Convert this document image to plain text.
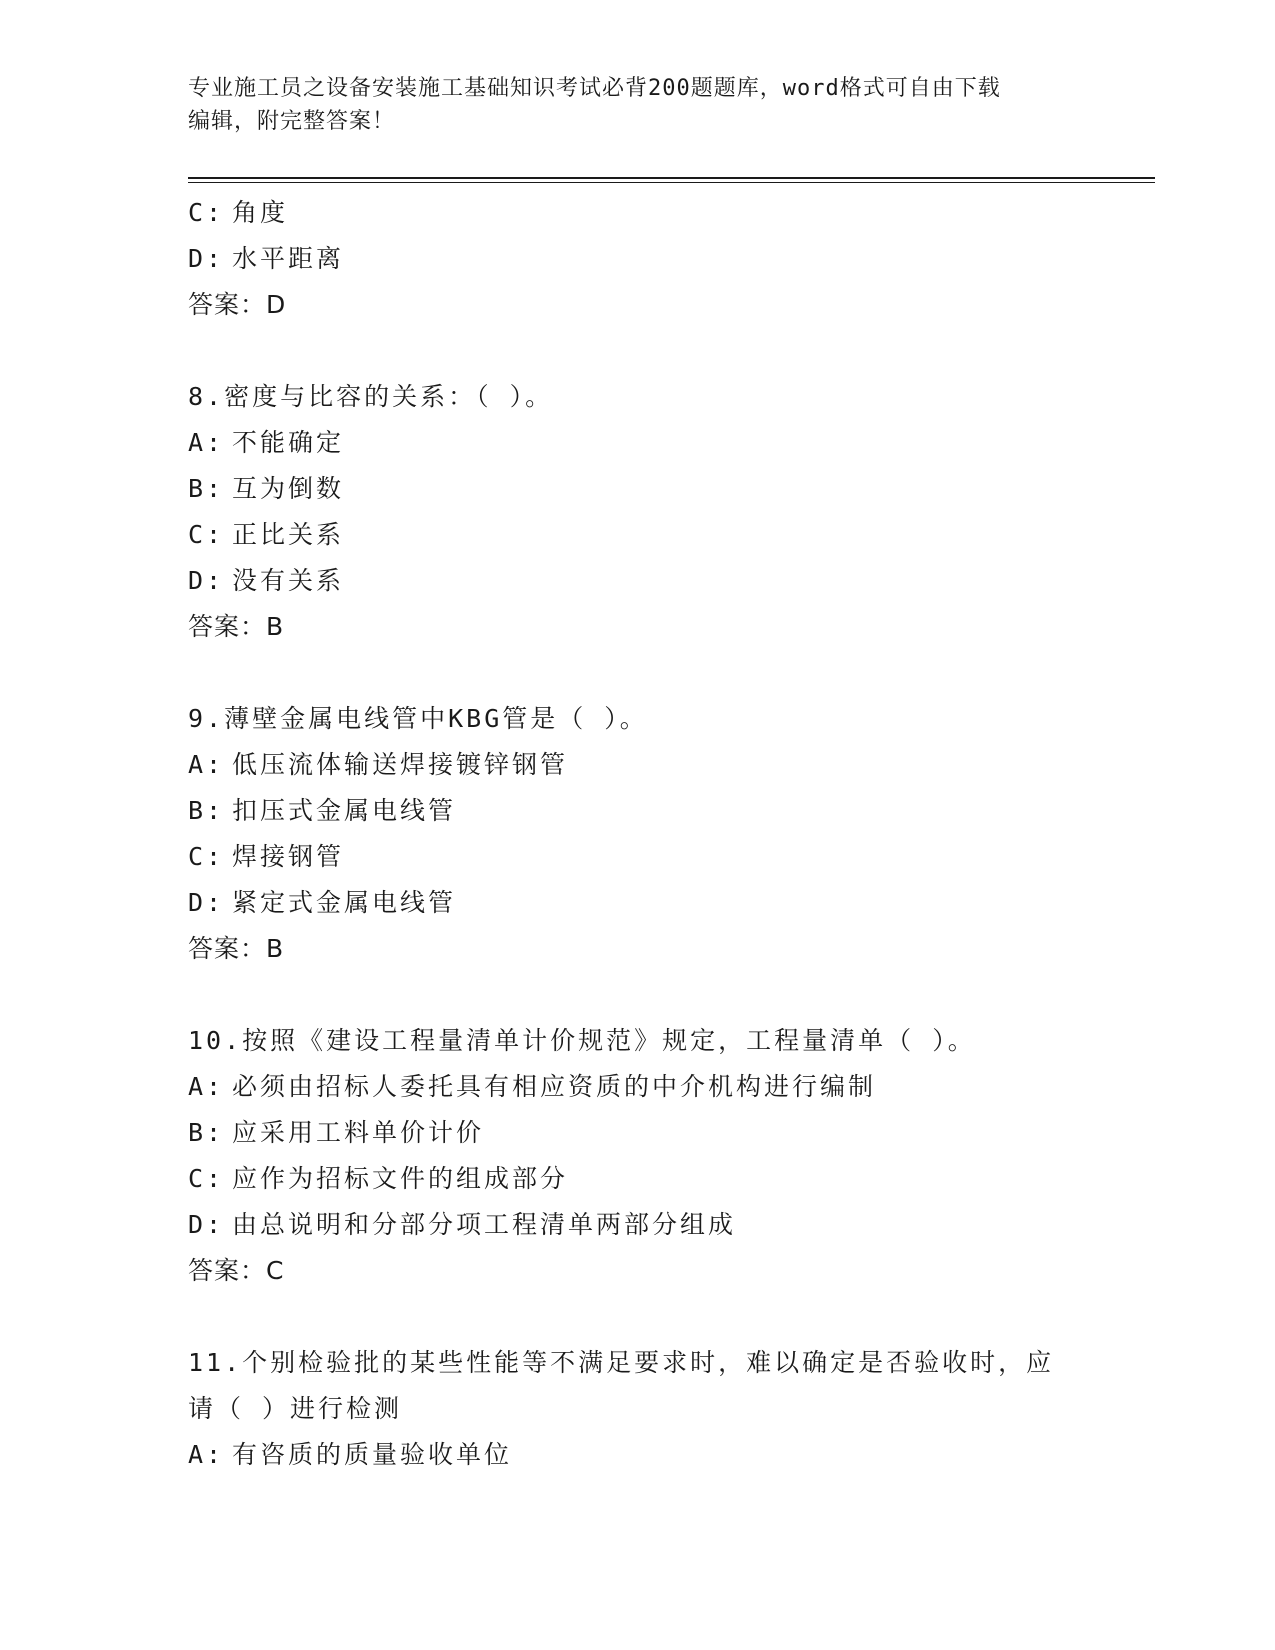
专业施工员之设备安装施工基础知识考试必背200题题库，word格式可自由下载
编辑，附完整答案！
C: 角度
D: 水平距离
答案：D
8.密度与比容的关系：（ ）。
A: 不能确定
B: 互为倒数
C: 正比关系
D: 没有关系
答案：B
9.薄壁金属电线管中KBG管是（ ）。
A: 低压流体输送焊接镀锌钢管
B: 扣压式金属电线管
C: 焊接钢管
D: 紧定式金属电线管
答案：B
10.按照《建设工程量清单计价规范》规定，工程量清单（ ）。
A: 必须由招标人委托具有相应资质的中介机构进行编制
B: 应采用工料单价计价
C: 应作为招标文件的组成部分
D: 由总说明和分部分项工程清单两部分组成
答案：C
11.个别检验批的某些性能等不满足要求时，难以确定是否验收时，应
请（ ）进行检测
A: 有咨质的质量验收单位
